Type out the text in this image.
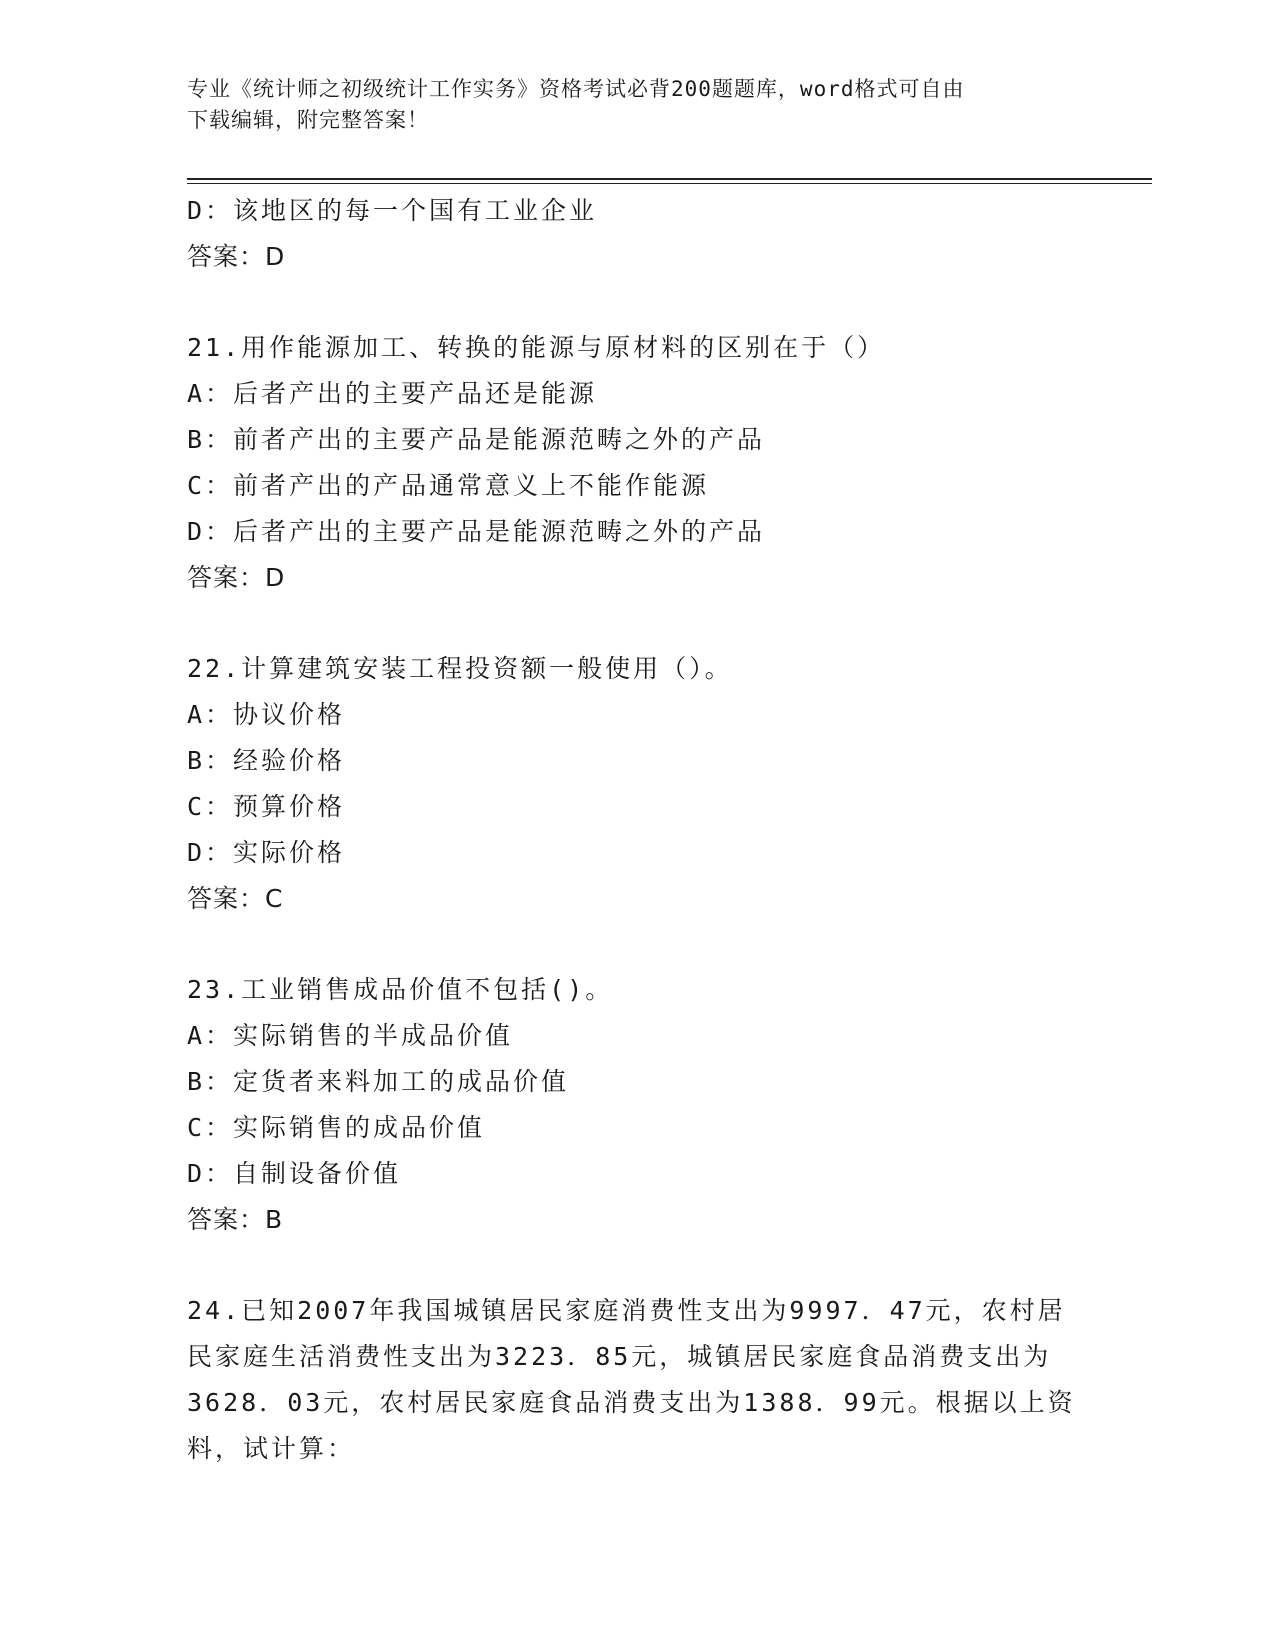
专业《统计师之初级统计工作实务》资格考试必背200题题库，word格式可自由
下载编辑，附完整答案！
D：该地区的每一个国有工业企业
答案：D
21.用作能源加工、转换的能源与原材料的区别在于（）
A：后者产出的主要产品还是能源
B：前者产出的主要产品是能源范畴之外的产品
C：前者产出的产品通常意义上不能作能源
D：后者产出的主要产品是能源范畴之外的产品
答案：D
22.计算建筑安装工程投资额一般使用（）。
A：协议价格
B：经验价格
C：预算价格
D：实际价格
答案：C
23.工业销售成品价值不包括()。
A：实际销售的半成品价值
B：定货者来料加工的成品价值
C：实际销售的成品价值
D：自制设备价值
答案：B
24.已知2007年我国城镇居民家庭消费性支出为9997．47元，农村居
民家庭生活消费性支出为3223．85元，城镇居民家庭食品消费支出为
3628．03元，农村居民家庭食品消费支出为1388．99元。根据以上资
料，试计算：
